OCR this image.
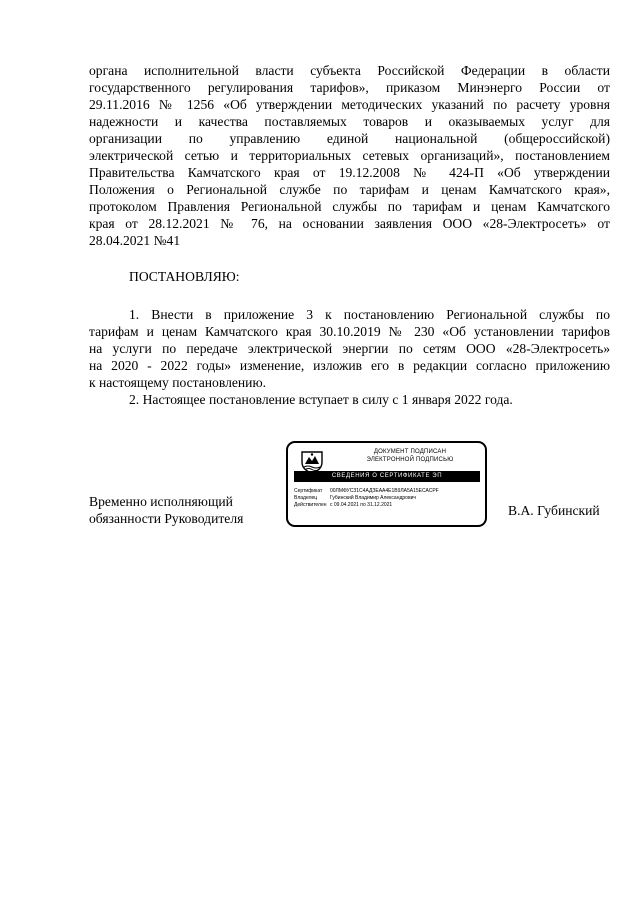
органа исполнительной власти субъекта Российской Федерации в области
государственного регулирования тарифов», приказом Минэнерго России от
29.11.2016 № 1256 «Об утверждении методических указаний по расчету уровня
надежности и качества поставляемых товаров и оказываемых услуг для
организации по управлению единой национальной (общероссийской)
электрической сетью и территориальных сетевых организаций», постановлением
Правительства Камчатского края от 19.12.2008 № 424-П «Об утверждении
Положения о Региональной службе по тарифам и ценам Камчатского края»,
протоколом Правления Региональной службы по тарифам и ценам Камчатского
края от 28.12.2021 № 76, на основании заявления ООО «28-Электросеть» от
28.04.2021 №41
ПОСТАНОВЛЯЮ:
1. Внести в приложение 3 к постановлению Региональной службы по
тарифам и ценам Камчатского края 30.10.2019 № 230 «Об установлении тарифов
на услуги по передаче электрической энергии по сетям ООО «28-Электросеть»
на 2020 - 2022 годы» изменение, изложив его в редакции согласно приложению
к настоящему постановлению.
2. Настоящее постановление вступает в силу с 1 января 2022 года.
Временно исполняющий
обязанности Руководителя
ДОКУМЕНТ ПОДПИСАН
ЭЛЕКТРОННОЙ ПОДПИСЬЮ
СВЕДЕНИЯ О СЕРТИФИКАТЕ ЭП
Сертификат	00ЛМФУСЗ1С4АДЗЕАА4Е1В9ЛА5А15ЕСАСРF
Владелец	Губинский Владимир Александрович
Действителен с 09.04.2021 по 31.12.2021	В.А. Губинский
